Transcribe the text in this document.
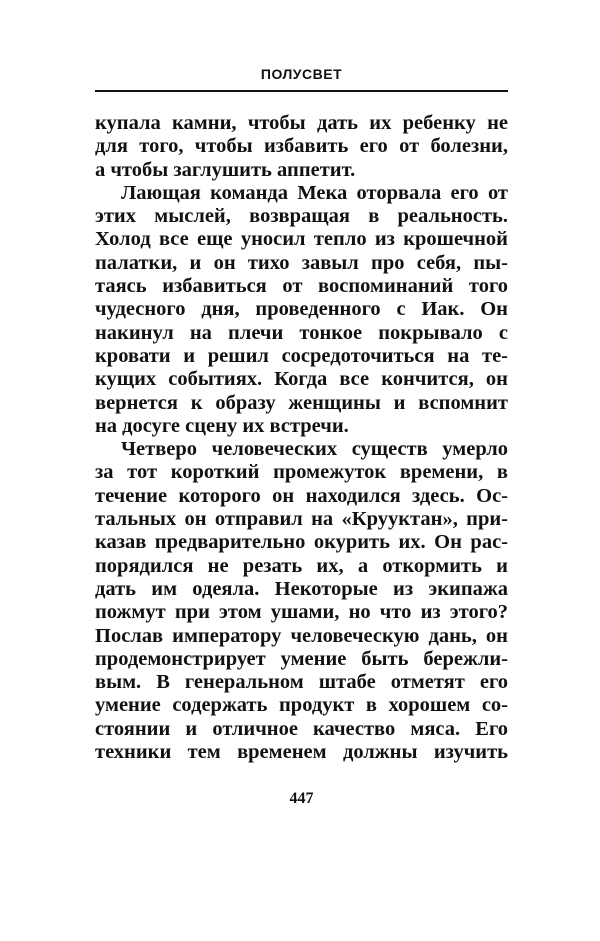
ПОЛУСВЕТ
купала камни, чтобы дать их ребенку не
для того, чтобы избавить его от болезни,
а чтобы заглушить аппетит.
Лающая команда Мека оторвала его от
этих мыслей, возвращая в реальность.
Холод все еще уносил тепло из крошечной
палатки, и он тихо завыл про себя, пы-
таясь избавиться от воспоминаний того
чудесного дня, проведенного с Иак. Он
накинул на плечи тонкое покрывало с
кровати и решил сосредоточиться на те-
кущих событиях. Когда все кончится, он
вернется к образу женщины и вспомнит
на досуге сцену их встречи.
Четверо человеческих существ умерло
за тот короткий промежуток времени, в
течение которого он находился здесь. Ос-
тальных он отправил на «Крууктан», при-
казав предварительно окурить их. Он рас-
порядился не резать их, а откормить и
дать им одеяла. Некоторые из экипажа
пожмут при этом ушами, но что из этого?
Послав императору человеческую дань, он
продемонстрирует умение быть бережли-
вым. В генеральном штабе отметят его
умение содержать продукт в хорошем со-
стоянии и отличное качество мяса. Его
техники тем временем должны изучить
447
